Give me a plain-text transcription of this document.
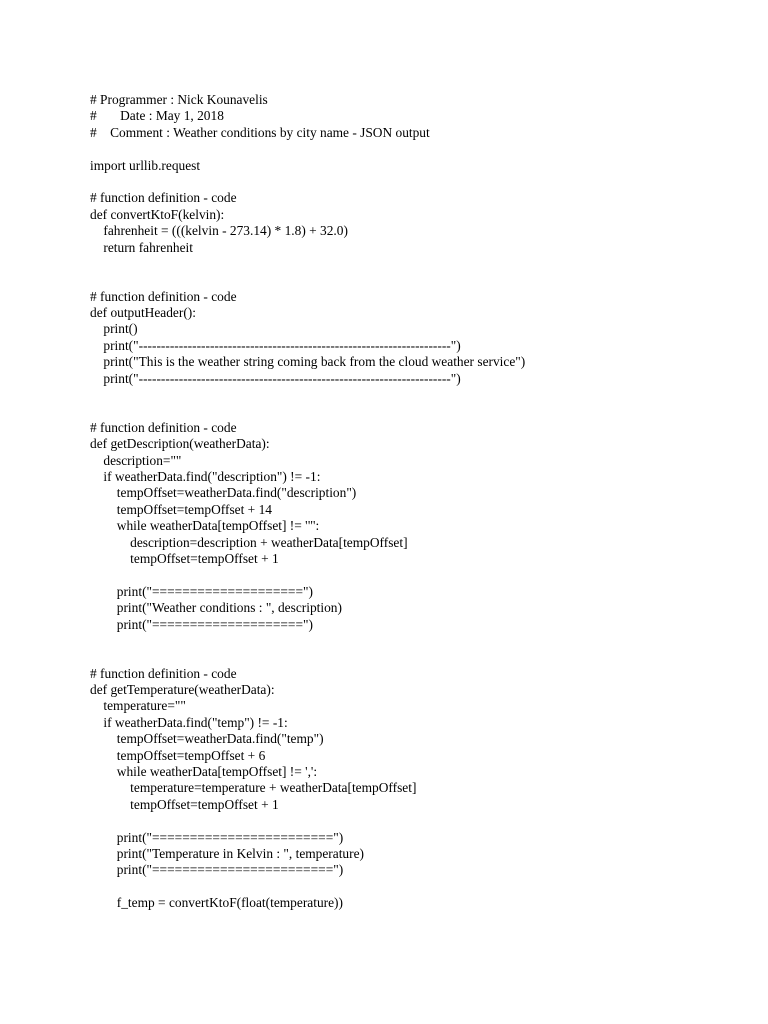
# Programmer : Nick Kounavelis
#       Date : May 1, 2018
#    Comment : Weather conditions by city name - JSON output
import urllib.request
# function definition - code
def convertKtoF(kelvin):
fahrenheit = (((kelvin - 273.14) * 1.8) + 32.0)
return fahrenheit
# function definition - code
def outputHeader():
print()
print("----------------------------------------------------------------------")
print("This is the weather string coming back from the cloud weather service")
print("----------------------------------------------------------------------")
# function definition - code
def getDescription(weatherData):
description=""
if weatherData.find("description") != -1:
tempOffset=weatherData.find("description")
tempOffset=tempOffset + 14
while weatherData[tempOffset] != '"':
description=description + weatherData[tempOffset]
tempOffset=tempOffset + 1
print("====================")
print("Weather conditions : ", description)
print("====================")
# function definition - code
def getTemperature(weatherData):
temperature=""
if weatherData.find("temp") != -1:
tempOffset=weatherData.find("temp")
tempOffset=tempOffset + 6
while weatherData[tempOffset] != ',':
temperature=temperature + weatherData[tempOffset]
tempOffset=tempOffset + 1
print("========================")
print("Temperature in Kelvin : ", temperature)
print("========================")
f_temp = convertKtoF(float(temperature))
